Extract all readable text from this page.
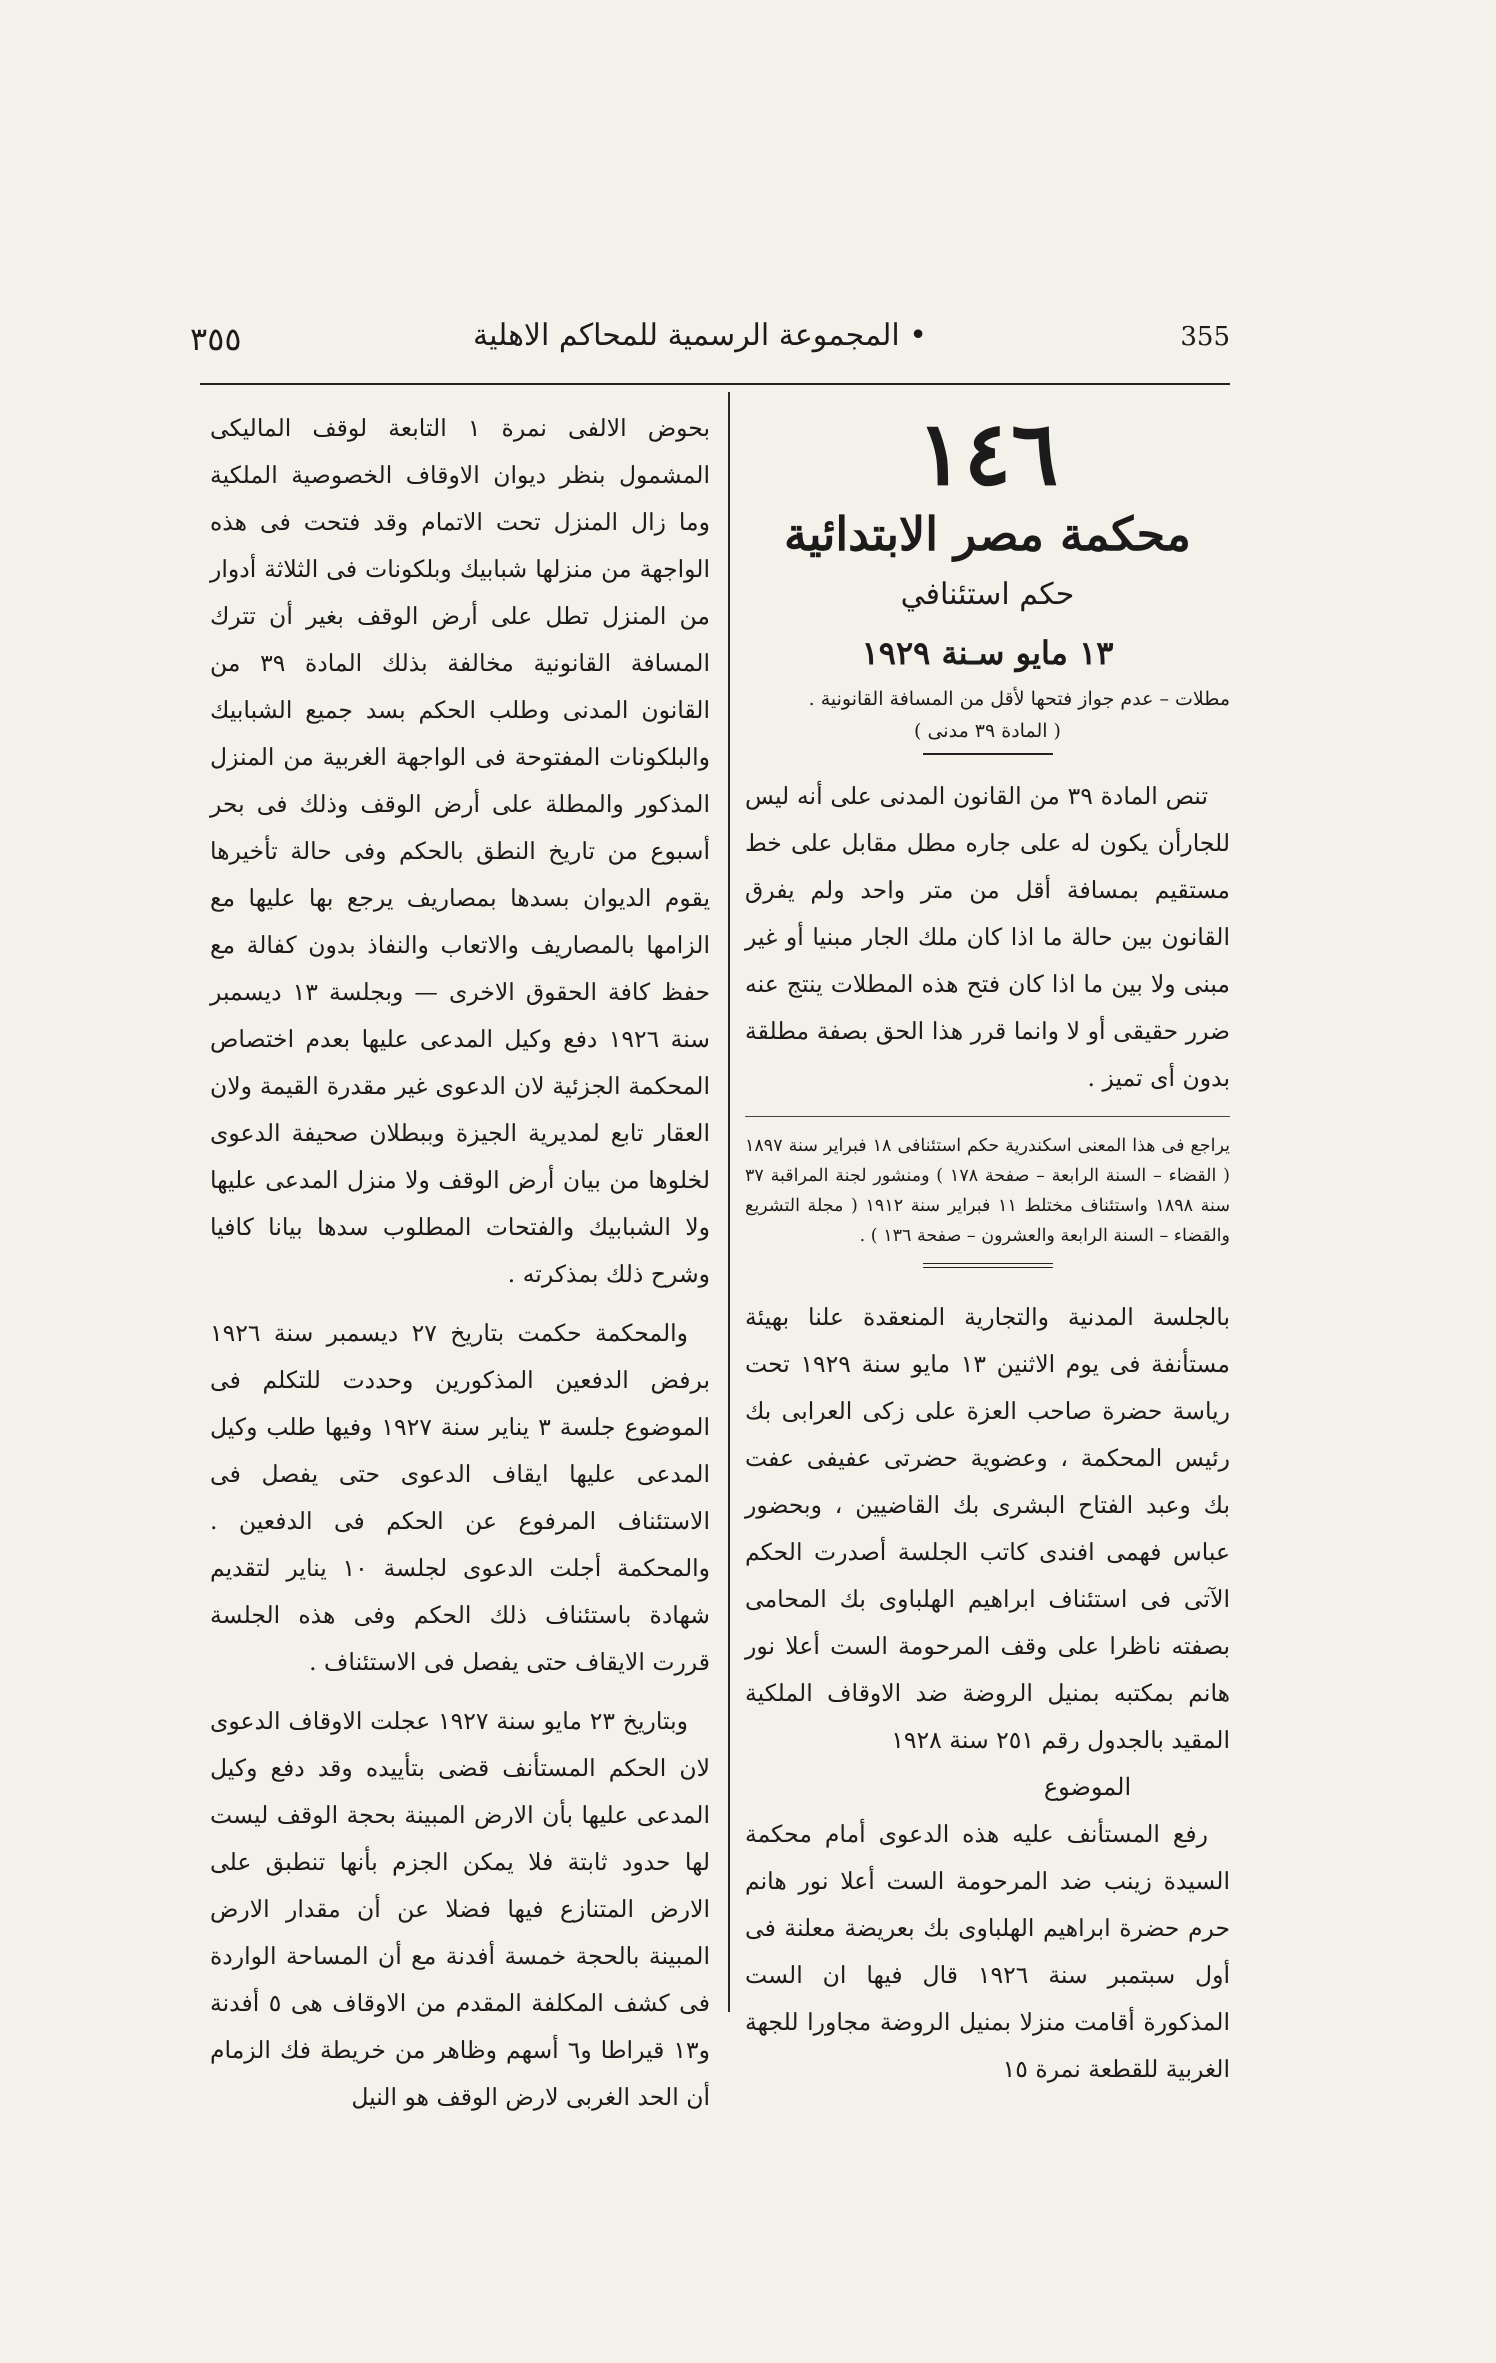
355
• المجموعة الرسمية للمحاكم الاهلية
٣٥٥

١٤٦

محكمة مصر الابتدائية

حكم استئنافي

١٣ مايو سـنة ١٩٢٩

مطلات – عدم جواز فتحها لأقل من المسافة القانونية .

( المادة ٣٩ مدنى )

تنص المادة ٣٩ من القانون المدنى على أنه ليس للجارأن يكون له على جاره مطل مقابل على خط مستقيم بمسافة أقل من متر واحد ولم يفرق القانون بين حالة ما اذا كان ملك الجار مبنيا أو غير مبنى ولا بين ما اذا كان فتح هذه المطلات ينتج عنه ضرر حقيقى أو لا وانما قرر هذا الحق بصفة مطلقة بدون أى تميز .

يراجع فى هذا المعنى اسكندرية حكم استئنافى ١٨ فبراير سنة ١٨٩٧ ( القضاء – السنة الرابعة – صفحة ١٧٨ ) ومنشور لجنة المراقبة ٣٧ سنة ١٨٩٨ واستئناف مختلط ١١ فبراير سنة ١٩١٢ ( مجلة التشريع والقضاء – السنة الرابعة والعشرون – صفحة ١٣٦ ) .

بالجلسة المدنية والتجارية المنعقدة علنا بهيئة مستأنفة فى يوم الاثنين ١٣ مايو سنة ١٩٢٩ تحت رياسة حضرة صاحب العزة على زكى العرابى بك رئيس المحكمة ، وعضوية حضرتى عفيفى عفت بك وعبد الفتاح البشرى بك القاضيين ، وبحضور عباس فهمى افندى كاتب الجلسة أصدرت الحكم الآتى فى استئناف ابراهيم الهلباوى بك المحامى بصفته ناظرا على وقف المرحومة الست أعلا نور هانم بمكتبه بمنيل الروضة ضد الاوقاف الملكية المقيد بالجدول رقم ٢٥١ سنة ١٩٢٨

الموضوع

رفع المستأنف عليه هذه الدعوى أمام محكمة السيدة زينب ضد المرحومة الست أعلا نور هانم حرم حضرة ابراهيم الهلباوى بك بعريضة معلنة فى أول سبتمبر سنة ١٩٢٦ قال فيها ان الست المذكورة أقامت منزلا بمنيل الروضة مجاورا للجهة الغربية للقطعة نمرة ١٥

بحوض الالفى نمرة ١ التابعة لوقف الماليكى المشمول بنظر ديوان الاوقاف الخصوصية الملكية وما زال المنزل تحت الاتمام وقد فتحت فى هذه الواجهة من منزلها شبابيك وبلكونات فى الثلاثة أدوار من المنزل تطل على أرض الوقف بغير أن تترك المسافة القانونية مخالفة بذلك المادة ٣٩ من القانون المدنى وطلب الحكم بسد جميع الشبابيك والبلكونات المفتوحة فى الواجهة الغربية من المنزل المذكور والمطلة على أرض الوقف وذلك فى بحر أسبوع من تاريخ النطق بالحكم وفى حالة تأخيرها يقوم الديوان بسدها بمصاريف يرجع بها عليها مع الزامها بالمصاريف والاتعاب والنفاذ بدون كفالة مع حفظ كافة الحقوق الاخرى — وبجلسة ١٣ ديسمبر سنة ١٩٢٦ دفع وكيل المدعى عليها بعدم اختصاص المحكمة الجزئية لان الدعوى غير مقدرة القيمة ولان العقار تابع لمديرية الجيزة وببطلان صحيفة الدعوى لخلوها من بيان أرض الوقف ولا منزل المدعى عليها ولا الشبابيك والفتحات المطلوب سدها بيانا كافيا وشرح ذلك بمذكرته .

والمحكمة حكمت بتاريخ ٢٧ ديسمبر سنة ١٩٢٦ برفض الدفعين المذكورين وحددت للتكلم فى الموضوع جلسة ٣ يناير سنة ١٩٢٧ وفيها طلب وكيل المدعى عليها ايقاف الدعوى حتى يفصل فى الاستئناف المرفوع عن الحكم فى الدفعين . والمحكمة أجلت الدعوى لجلسة ١٠ يناير لتقديم شهادة باستئناف ذلك الحكم وفى هذه الجلسة قررت الايقاف حتى يفصل فى الاستئناف .

وبتاريخ ٢٣ مايو سنة ١٩٢٧ عجلت الاوقاف الدعوى لان الحكم المستأنف قضى بتأييده وقد دفع وكيل المدعى عليها بأن الارض المبينة بحجة الوقف ليست لها حدود ثابتة فلا يمكن الجزم بأنها تنطبق على الارض المتنازع فيها فضلا عن أن مقدار الارض المبينة بالحجة خمسة أفدنة مع أن المساحة الواردة فى كشف المكلفة المقدم من الاوقاف هى ٥ أفدنة و١٣ قيراطا و٦ أسهم وظاهر من خريطة فك الزمام أن الحد الغربى لارض الوقف هو النيل
